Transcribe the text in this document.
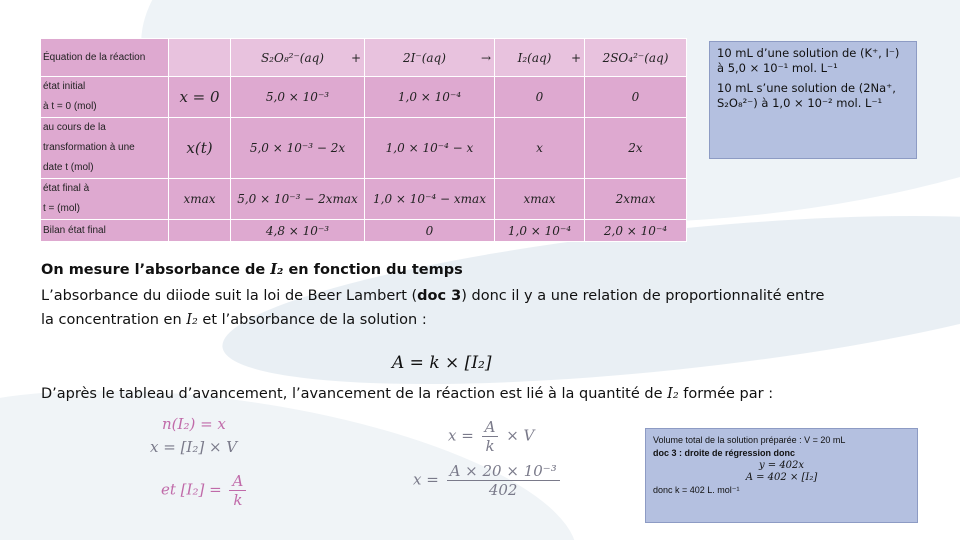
Équation de la réaction		S₂O₈²⁻(aq) +	2I⁻(aq) →	I₂(aq) +	2SO₄²⁻(aq)

état initial
à t = 0 (mol)	x = 0	5,0 × 10⁻³	1,0 × 10⁻⁴	0	0

au cours de la
transformation à une
date t (mol)	x(t)	5,0 × 10⁻³ − 2x	1,0 × 10⁻⁴ − x	x	2x

état final à
t = (mol)	xmax	5,0 × 10⁻³ − 2xmax	1,0 × 10⁻⁴ − xmax	xmax	2xmax
Bilan état final		4,8 × 10⁻³	0	1,0 × 10⁻⁴	2,0 × 10⁻⁴

10 mL d’une solution de (K⁺, I⁻) à 5,0 × 10⁻¹ mol. L⁻¹

10 mL s’une solution de (2Na⁺, S₂O₈²⁻) à 1,0 × 10⁻² mol. L⁻¹

On mesure l’absorbance de I₂ en fonction du temps
L’absorbance du diiode suit la loi de Beer Lambert (doc 3) donc il y a une relation de proportionnalité entre
la concentration en I₂ et l’absorbance de la solution :
A = k × [I₂]
D’après le tableau d’avancement, l’avancement de la réaction est lié à la quantité de I₂ formée par :
n(I₂) = x
x = [I₂] × V
et $[I_2] = \frac{A}{k}$
$x = \frac{A}{k} \times V$
$x = \frac{\text{A × 20 × 10⁻³}}{402}$
Volume total de la solution préparée : V = 20 mL
doc 3 : droite de régression donc
y = 402x
A = 402 × [I₂]
donc k = 402 L. mol⁻¹
